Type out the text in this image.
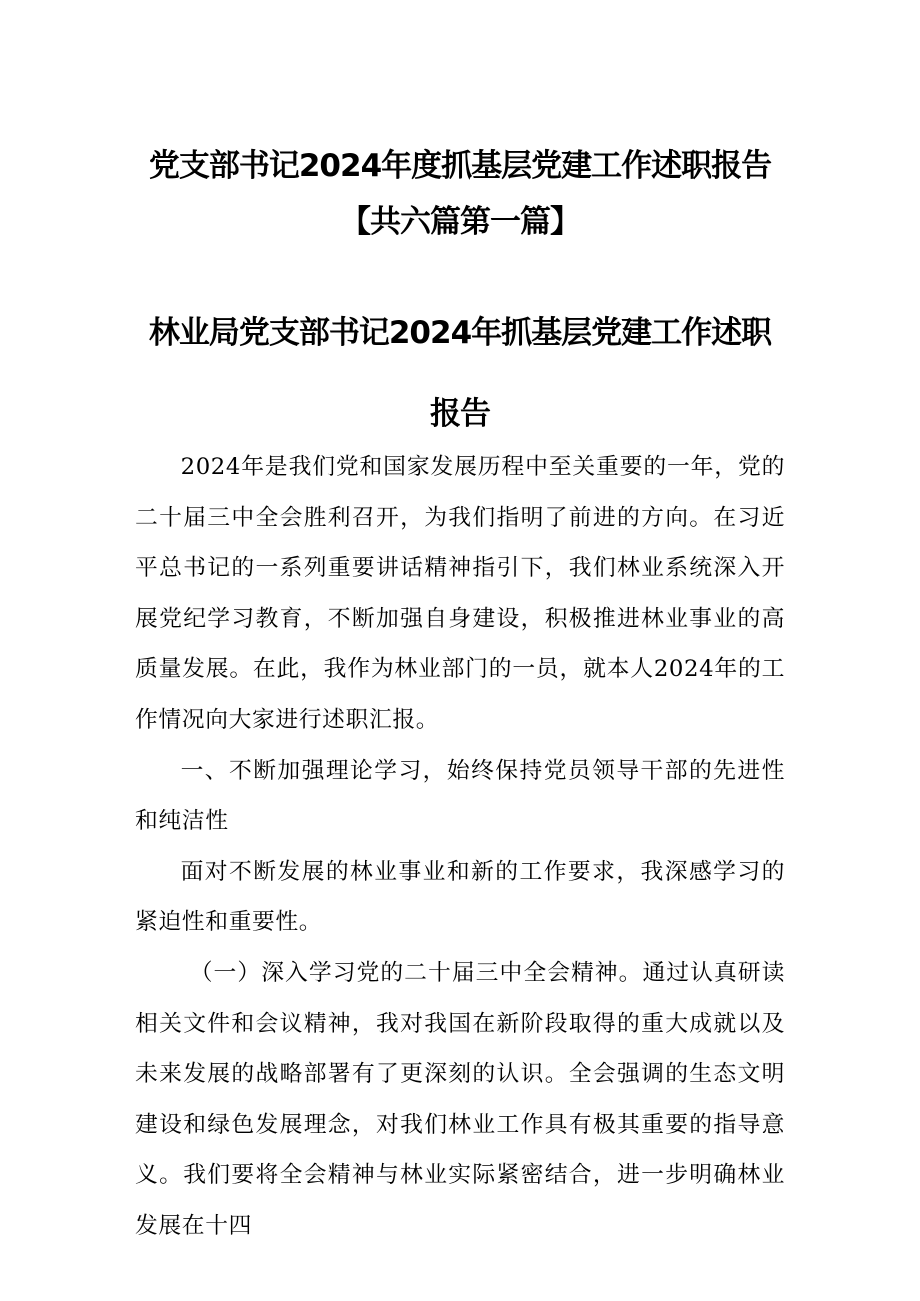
党支部书记2024年度抓基层党建工作述职报告
【共六篇第一篇】
林业局党支部书记2024年抓基层党建工作述职
报告

2024年是我们党和国家发展历程中至关重要的一年，党的二十届三中全会胜利召开，为我们指明了前进的方向。在习近平总书记的一系列重要讲话精神指引下，我们林业系统深入开展党纪学习教育，不断加强自身建设，积极推进林业事业的高质量发展。在此，我作为林业部门的一员，就本人2024年的工作情况向大家进行述职汇报。

一、不断加强理论学习，始终保持党员领导干部的先进性和纯洁性

面对不断发展的林业事业和新的工作要求，我深感学习的紧迫性和重要性。

（一）深入学习党的二十届三中全会精神。通过认真研读相关文件和会议精神，我对我国在新阶段取得的重大成就以及未来发展的战略部署有了更深刻的认识。全会强调的生态文明建设和绿色发展理念，对我们林业工作具有极其重要的指导意义。我们要将全会精神与林业实际紧密结合，进一步明确林业发展在十四
